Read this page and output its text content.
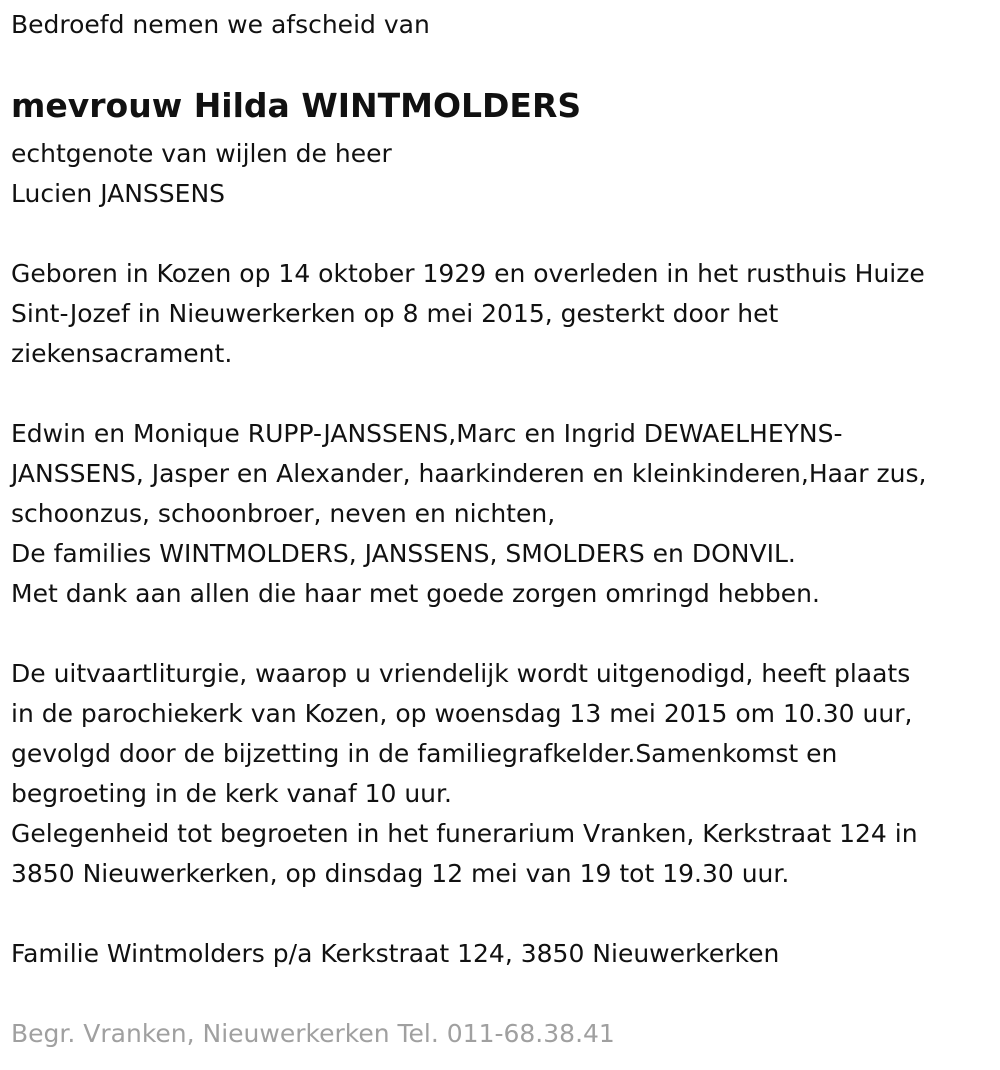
Bedroefd nemen we afscheid van
mevrouw Hilda WINTMOLDERS
echtgenote van wijlen de heer
Lucien JANSSENS
Geboren in Kozen op 14 oktober 1929 en overleden in het rusthuis Huize
Sint-Jozef in Nieuwerkerken op 8 mei 2015, gesterkt door het
ziekensacrament.
Edwin en Monique RUPP-JANSSENS,Marc en Ingrid DEWAELHEYNS-
JANSSENS, Jasper en Alexander, haarkinderen en kleinkinderen,Haar zus,
schoonzus, schoonbroer, neven en nichten,
De families WINTMOLDERS, JANSSENS, SMOLDERS en DONVIL.
Met dank aan allen die haar met goede zorgen omringd hebben.
De uitvaartliturgie, waarop u vriendelijk wordt uitgenodigd, heeft plaats
in de parochiekerk van Kozen, op woensdag 13 mei 2015 om 10.30 uur,
gevolgd door de bijzetting in de familiegrafkelder.Samenkomst en
begroeting in de kerk vanaf 10 uur.
Gelegenheid tot begroeten in het funerarium Vranken, Kerkstraat 124 in
3850 Nieuwerkerken, op dinsdag 12 mei van 19 tot 19.30 uur.
Familie Wintmolders p/a Kerkstraat 124, 3850 Nieuwerkerken
Begr. Vranken, Nieuwerkerken Tel. 011-68.38.41
